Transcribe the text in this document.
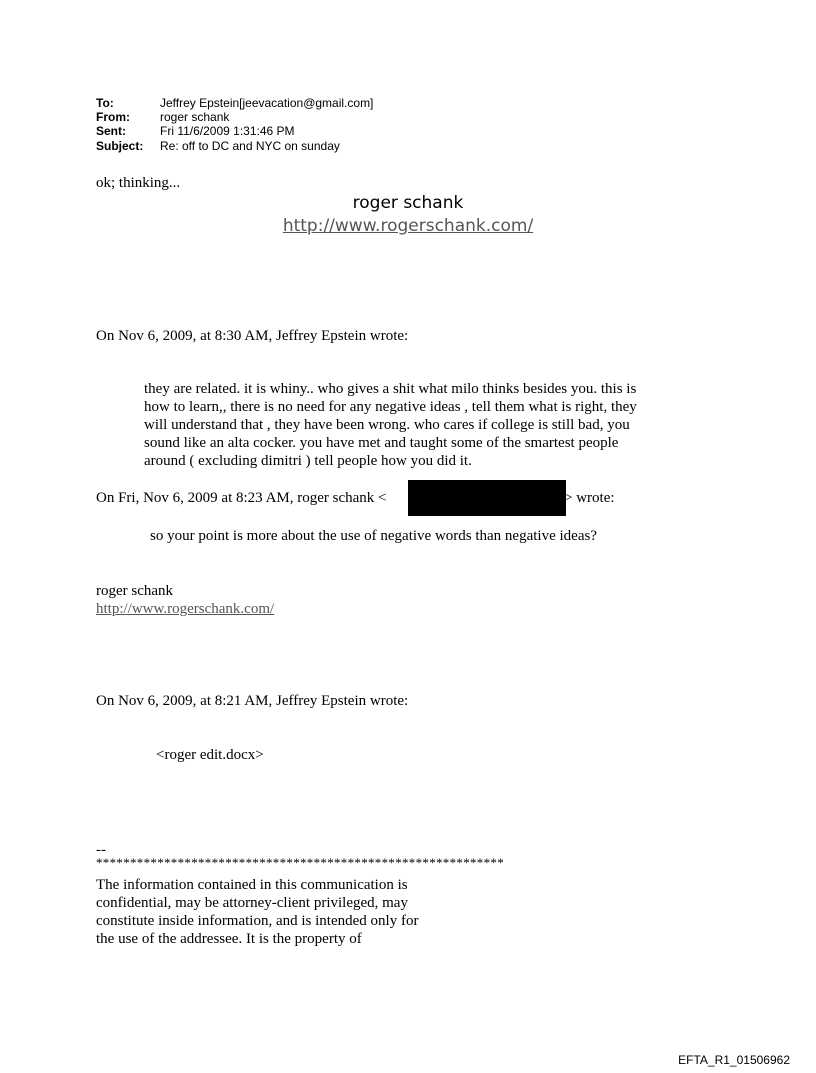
To:	Jeffrey Epstein[jeevacation@gmail.com]
From:	roger schank
Sent:	Fri 11/6/2009 1:31:46 PM
Subject: Re: off to DC and NYC on sunday
ok; thinking...
roger schank
http://www.rogerschank.com/
On Nov 6, 2009, at 8:30 AM, Jeffrey Epstein wrote:
they are related. it is whiny.. who gives a shit what milo thinks besides you. this is
how to learn,, there is no need for any negative ideas , tell them what is right, they
will understand that , they have been wrong. who cares if college is still bad, you
sound like an alta cocker. you have met and taught some of the smartest people
around ( excluding dimitri ) tell people how you did it.
On Fri, Nov 6, 2009 at 8:23 AM, roger schank <	> wrote:
so your point is more about the use of negative words than negative ideas?
roger schank
http://www.rogerschank.com/
On Nov 6, 2009, at 8:21 AM, Jeffrey Epstein wrote:
<roger edit.docx>
--
************************************************************
The information contained in this communication is
confidential, may be attorney-client privileged, may
constitute inside information, and is intended only for
the use of the addressee. It is the property of
EFTA_R1_01506962
